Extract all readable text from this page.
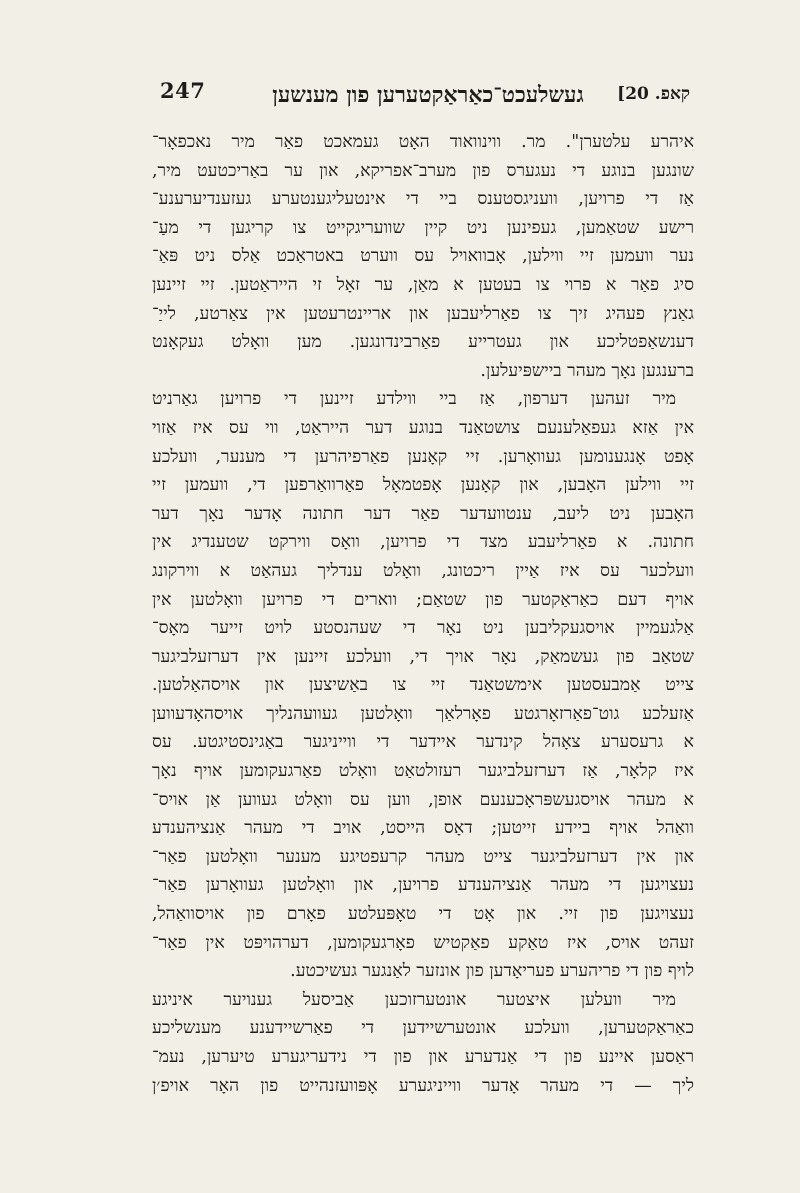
247	געשלעכט־כאַראַקטערען פון מענשען	קאפ. 20]
איהרע עלטערן". מר. ווינוואוד האָט געמאכט פאַר מיר נאכפאָר־
שונגען בנוגע די נעגערס פון מערב־אפריקא, און ער באַריכטעט מיר,
אַז די פרויען, וועניגסטענס ביי די אינטעליגענטערע געזענדיערענע־
רישע שטאַמען, געפינען ניט קיין שוועריגקייט צו קריגען די מעַ־
נער וועמען זיי ווילען, אָבוואויל עס ווערט באטראַכט אַלס ניט פּאַ־
סיג פאַר א פרוי צו בעטען א מאַן, ער זאָל זי הייראַטען. זיי זיינען
גאַנץ פעהיג זיך צו פאַרליעבען און אריינטרעטען אין צאַרטע, לייַ־
דענשאַפטליכע און געטרייע פאַרבינדונגען. מען וואָלט געקאָנט
ברענגען נאָך מעהר ביישפּיעלען.
מיר זעהען דערפון, אַז ביי ווילדע זיינען די פרויען גאַרניט
אין אַזא געפאַלענעם צושטאַנד בנוגע דער הייראַט, ווי עס איז אַזוי
אָפט אָנגענומען געוואָרען. זיי קאָנען פאַרפיהרען די מענער, וועלכע
זיי ווילען האָבען, און קאָנען אָפטמאָל פאַרוואַרפען די, וועמען זיי
האָבען ניט ליעב, ענטוועדער פאַר דער חתונה אָדער נאָך דער
חתונה. א פאַרליעבע מצד די פרויען, וואָס ווירקט שטענדיג אין
וועלכער עס איז אַיין ריכטונג, וואָלט ענדליך געהאַט א ווירקונג
אויף דעם כאַראַקטער פון שטאַם; ווארים די פרויען וואָלטען אין
אַלגעמיין אויסגעקליבען ניט נאָר די שעהנסטע לויט זייער מאָס־
שטאַב פון געשמאַק, נאָר אויך די, וועלכע זיינען אין דערזעלביגער
צייט אַמבעסטען אימשטאַנד זיי צו באַשיצען און אויסהאַלטען.
אַזעלכע גוט־פאַרזאָרגטע פאָרלאַך וואָלטען געוועהנליך אויסהאָדעווען
א גרעסערע צאָהל קינדער איידער די ווייניגער באַגינסטיגטע. עס
איז קלאָר, אַז דערזעלביגער רעזולטאַט וואָלט פאַרגעקומען אויף נאָך
א מעהר אויסגעשפּראָכענעם אופן, ווען עס וואָלט געווען אַן אויס־
וואַהל אויף ביידע זייטען; דאָס הייסט, אויב די מעהר אַנציהענדע
און אין דערזעלביגער צייט מעהר קרעפטיגע מענער וואָלטען פאַר־
נעצויגען די מעהר אַנציהענדע פרויען, און וואָלטען געוואָרען פאַר־
נעצויגען פון זיי. און אָט די טאָפּעלטע פאָרם פון אויסוואַהל,
זעהט אויס, איז טאַקע פאַקטיש פאָרגעקומען, דערהויפּט אין פאַר־
לויף פון די פריהערע פעריאָדען פון אונזער לאַנגער געשיכטע.
מיר וועלען איצטער אונטערזוכען אַביסעל גענויער איניגע
כאַראַקטערען, וועלכע אונטערשיידען די פאַרשיידענע מענשליכע
ראַסען איינע פון די אַנדערע און פון די נידעריגערע טיערען, נעמ־
ליך — די מעהר אָדער ווייניגערע אָפּוועזנהייט פון האָר אויפ׳ן
